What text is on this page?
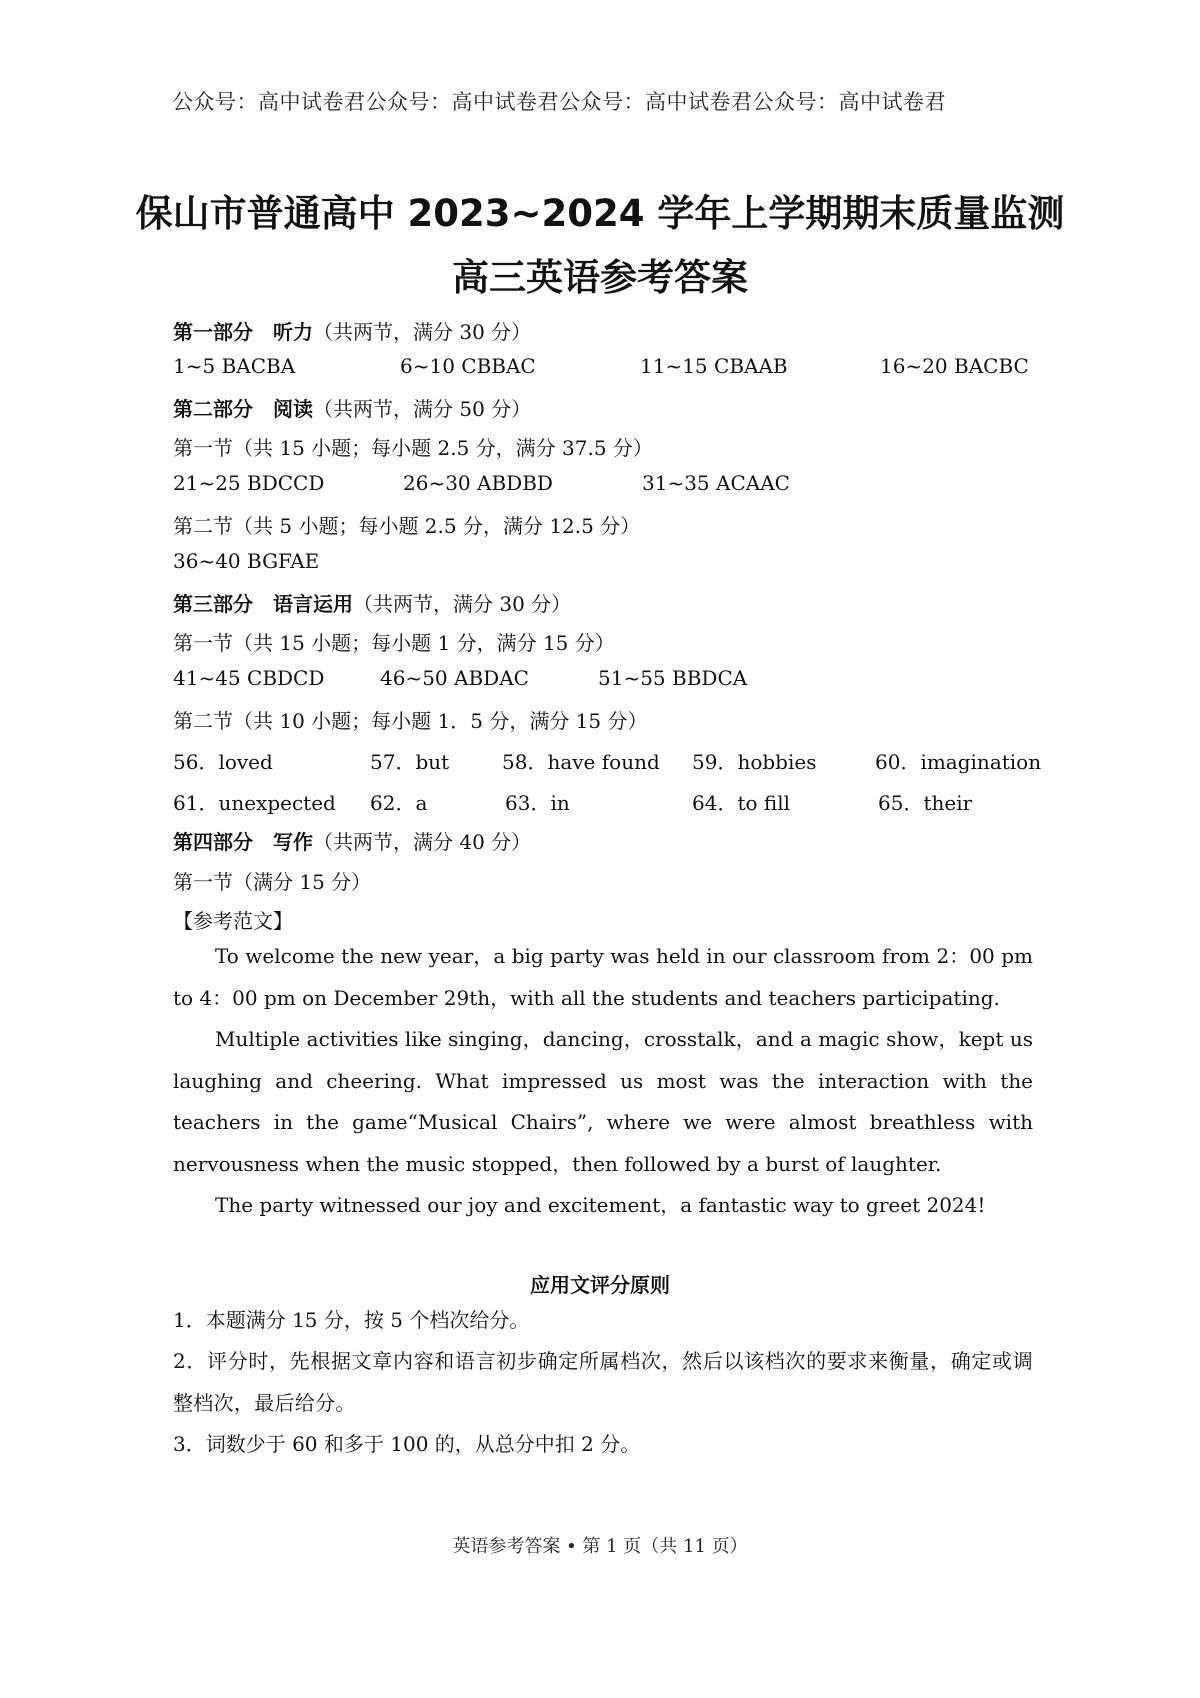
公众号：高中试卷君公众号：高中试卷君公众号：高中试卷君公众号：高中试卷君
保山市普通高中 2023~2024 学年上学期期末质量监测
高三英语参考答案
第一部分　听力（共两节，满分 30 分）
1~5 BACBA	6~10 CBBAC	11~15 CBAAB	16~20 BACBC
第二部分　阅读（共两节，满分 50 分）
第一节（共 15 小题；每小题 2.5 分，满分 37.5 分）
21~25 BDCCD	26~30 ABDBD	31~35 ACAAC
第二节（共 5 小题；每小题 2.5 分，满分 12.5 分）
36~40 BGFAE
第三部分　语言运用（共两节，满分 30 分）
第一节（共 15 小题；每小题 1 分，满分 15 分）
41~45 CBDCD	46~50 ABDAC	51~55 BBDCA
第二节（共 10 小题；每小题 1．5 分，满分 15 分）
56．loved	57．but	58．have found 59．hobbies	60．imagination
61．unexpected 62．a	63．in	64．to fill	65．their
第四部分　写作（共两节，满分 40 分）
第一节（满分 15 分）
【参考范文】
To welcome the new year，a big party was held in our classroom from 2：00 pm to 4：00 pm on December 29th，with all the students and teachers participating.
Multiple activities like singing，dancing，crosstalk，and a magic show，kept us laughing and cheering. What impressed us most was the interaction with the teachers in the game“Musical Chairs”, where we were almost breathless with nervousness when the music stopped，then followed by a burst of laughter.
The party witnessed our joy and excitement，a fantastic way to greet 2024!
应用文评分原则
1．本题满分 15 分，按 5 个档次给分。
2．评分时，先根据文章内容和语言初步确定所属档次，然后以该档次的要求来衡量，确定或调整档次，最后给分。
3．词数少于 60 和多于 100 的，从总分中扣 2 分。
英语参考答案 • 第 1 页（共 11 页）
